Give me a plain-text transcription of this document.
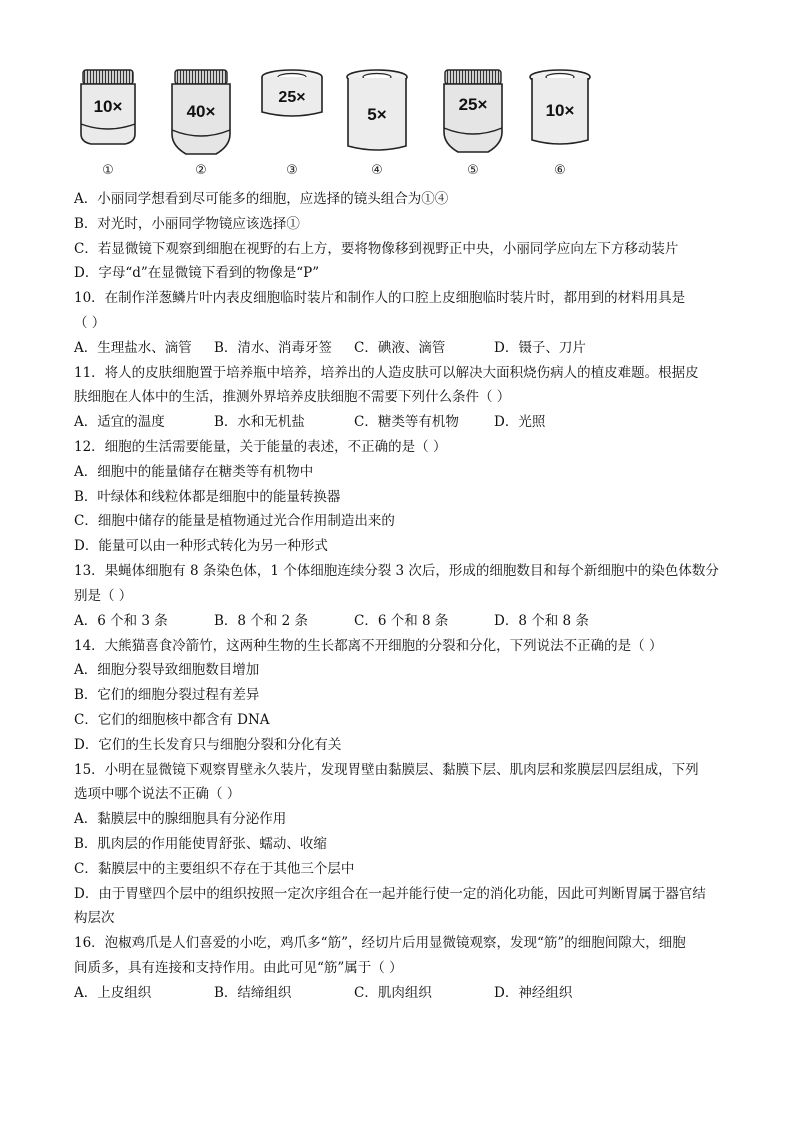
10×
①
40×
②
25×
③
5×
④
25×
⑤
10×
⑥
A．小丽同学想看到尽可能多的细胞，应选择的镜头组合为①④
B．对光时，小丽同学物镜应该选择①
C．若显微镜下观察到细胞在视野的右上方，要将物像移到视野正中央，小丽同学应向左下方移动装片
D．字母“d”在显微镜下看到的物像是“P”
10．在制作洋葱鳞片叶内表皮细胞临时装片和制作人的口腔上皮细胞临时装片时，都用到的材料用具是
（ ）
A．生理盐水、滴管 B．清水、消毒牙签 C．碘液、滴管	D．镊子、刀片
11．将人的皮肤细胞置于培养瓶中培养，培养出的人造皮肤可以解决大面积烧伤病人的植皮难题。根据皮
肤细胞在人体中的生活，推测外界培养皮肤细胞不需要下列什么条件（ ）
A．适宜的温度	B．水和无机盐	C．糖类等有机物	D．光照
12．细胞的生活需要能量，关于能量的表述，不正确的是（ ）
A．细胞中的能量储存在糖类等有机物中
B．叶绿体和线粒体都是细胞中的能量转换器
C．细胞中储存的能量是植物通过光合作用制造出来的
D．能量可以由一种形式转化为另一种形式
13．果蝇体细胞有 8 条染色体，1 个体细胞连续分裂 3 次后，形成的细胞数目和每个新细胞中的染色体数分
别是（ ）
A．6 个和 3 条	B．8 个和 2 条	C．6 个和 8 条	D．8 个和 8 条
14．大熊猫喜食冷箭竹，这两种生物的生长都离不开细胞的分裂和分化，下列说法不正确的是（ ）
A．细胞分裂导致细胞数目增加
B．它们的细胞分裂过程有差异
C．它们的细胞核中都含有 DNA
D．它们的生长发育只与细胞分裂和分化有关
15．小明在显微镜下观察胃壁永久装片，发现胃壁由黏膜层、黏膜下层、肌肉层和浆膜层四层组成，下列
选项中哪个说法不正确（ ）
A．黏膜层中的腺细胞具有分泌作用
B．肌肉层的作用能使胃舒张、蠕动、收缩
C．黏膜层中的主要组织不存在于其他三个层中
D．由于胃壁四个层中的组织按照一定次序组合在一起并能行使一定的消化功能，因此可判断胃属于器官结
构层次
16．泡椒鸡爪是人们喜爱的小吃，鸡爪多“筋”，经切片后用显微镜观察，发现“筋”的细胞间隙大，细胞
间质多，具有连接和支持作用。由此可见“筋”属于（ ）
A．上皮组织	B．结缔组织	C．肌肉组织	D．神经组织
